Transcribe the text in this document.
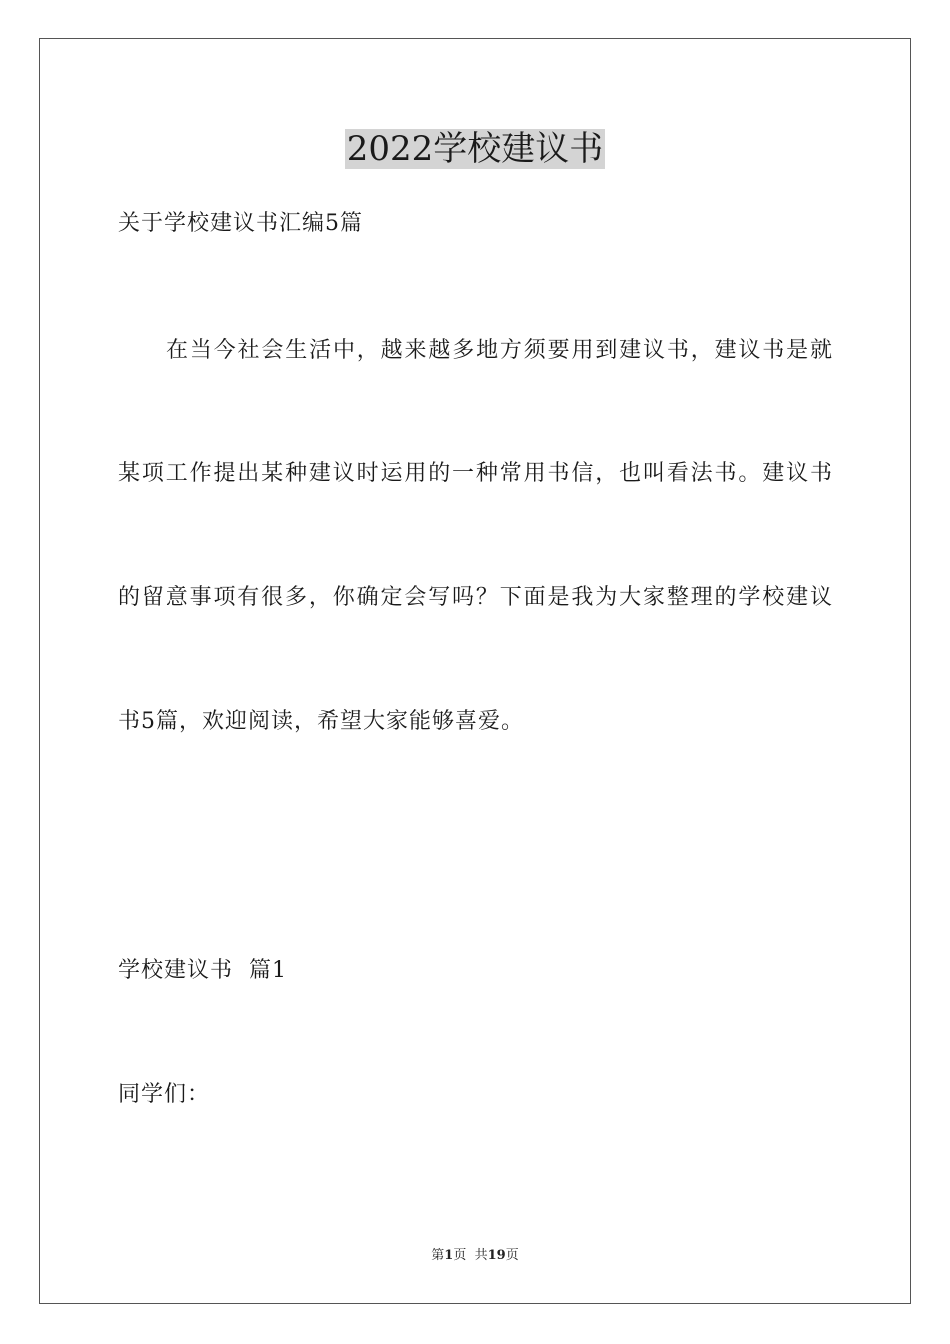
2022学校建议书

关于学校建议书汇编5篇

在当今社会生活中，越来越多地方须要用到建议书，建议书是就

某项工作提出某种建议时运用的一种常用书信，也叫看法书。建议书

的留意事项有很多，你确定会写吗？下面是我为大家整理的学校建议

书5篇，欢迎阅读，希望大家能够喜爱。

学校建议书  篇1

同学们：

第1页  共19页
